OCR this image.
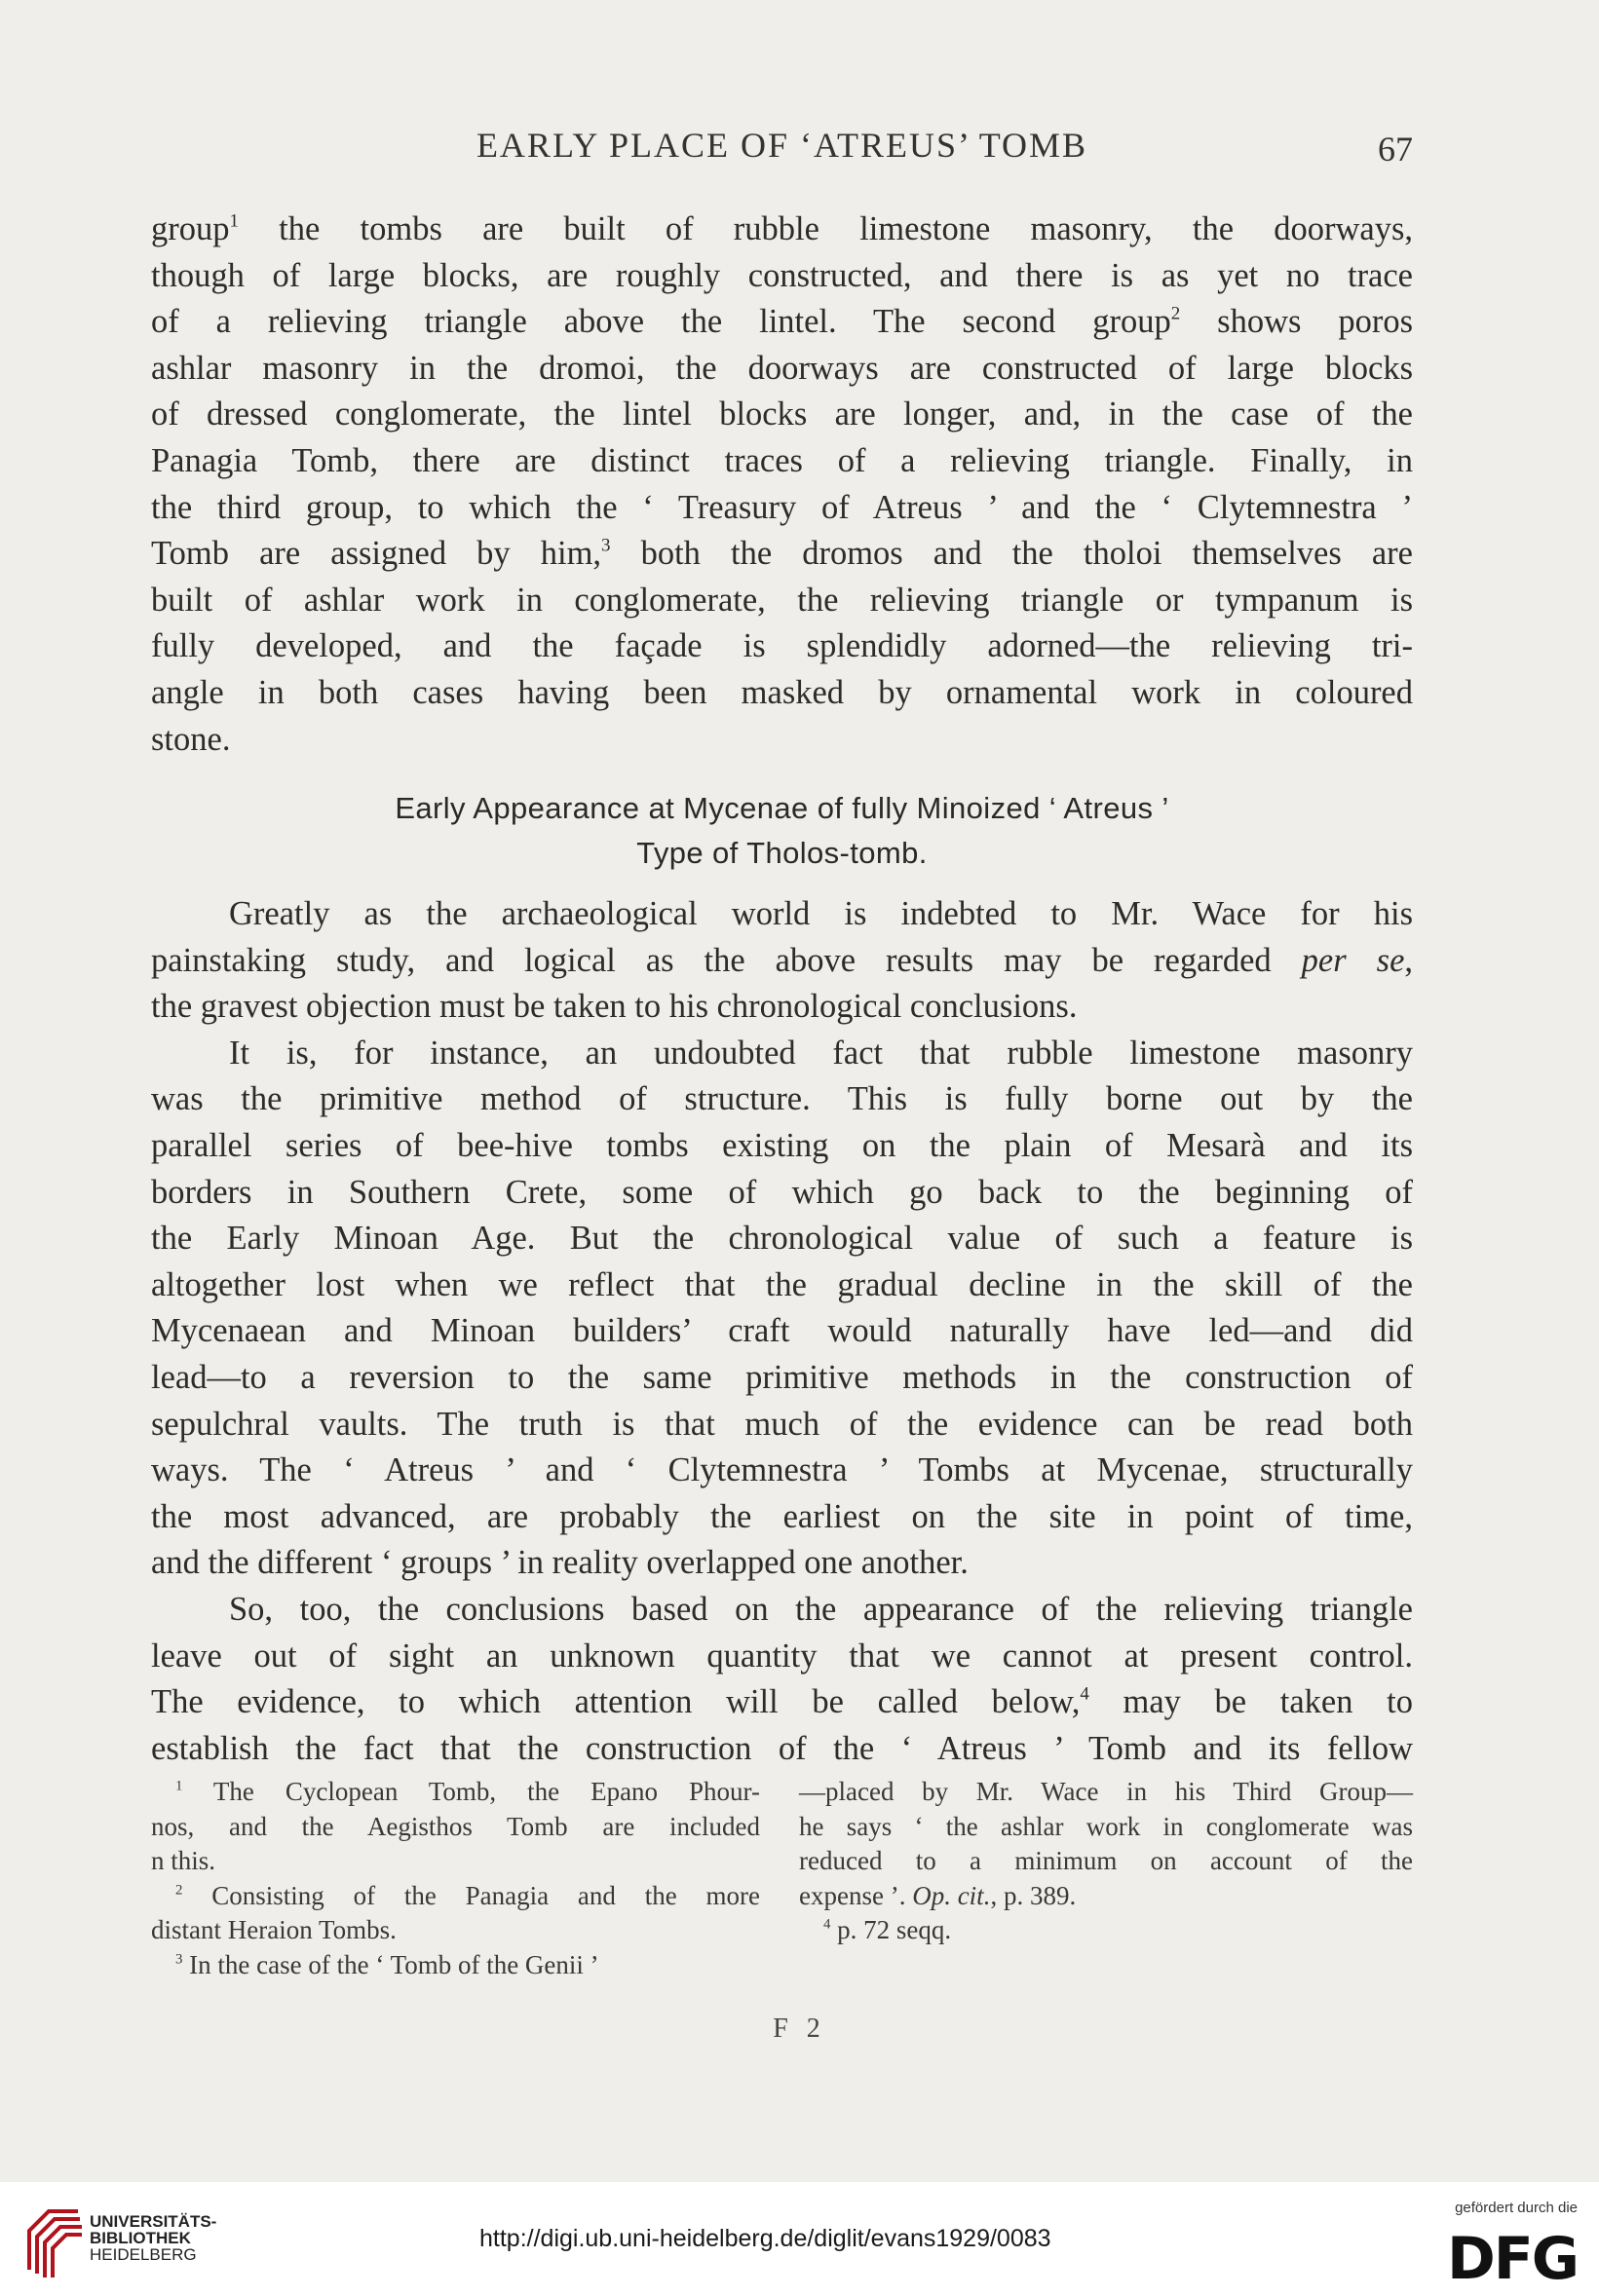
EARLY PLACE OF ‘ATREUS’ TOMB	67
group$^1$ the tombs are built of rubble limestone masonry, the doorways,
though of large blocks, are roughly constructed, and there is as yet no trace
of a relieving triangle above the lintel. The second group$^2$ shows poros
ashlar masonry in the dromoi, the doorways are constructed of large blocks
of dressed conglomerate, the lintel blocks are longer, and, in the case of the
Panagia Tomb, there are distinct traces of a relieving triangle. Finally, in
the third group, to which the ‘ Treasury of Atreus ’ and the ‘ Clytemnestra ’
Tomb are assigned by him,$^3$ both the dromos and the tholoi themselves are
built of ashlar work in conglomerate, the relieving triangle or tympanum is
fully developed, and the façade is splendidly adorned—the relieving tri-
angle in both cases having been masked by ornamental work in coloured
stone.
Early Appearance at Mycenae of fully Minoized ‘ Atreus ’
Type of Tholos-tomb.
Greatly as the archaeological world is indebted to Mr. Wace for his
painstaking study, and logical as the above results may be regarded per se,
the gravest objection must be taken to his chronological conclusions.
It is, for instance, an undoubted fact that rubble limestone masonry
was the primitive method of structure. This is fully borne out by the
parallel series of bee-hive tombs existing on the plain of Mesarà and its
borders in Southern Crete, some of which go back to the beginning of
the Early Minoan Age. But the chronological value of such a feature is
altogether lost when we reflect that the gradual decline in the skill of the
Mycenaean and Minoan builders’ craft would naturally have led—and did
lead—to a reversion to the same primitive methods in the construction of
sepulchral vaults. The truth is that much of the evidence can be read both
ways. The ‘ Atreus ’ and ‘ Clytemnestra ’ Tombs at Mycenae, structurally
the most advanced, are probably the earliest on the site in point of time,
and the different ‘ groups ’ in reality overlapped one another.
So, too, the conclusions based on the appearance of the relieving triangle
leave out of sight an unknown quantity that we cannot at present control.
The evidence, to which attention will be called below,$^4$ may be taken to
establish the fact that the construction of the ‘ Atreus ’ Tomb and its fellow
$^1$ The Cyclopean Tomb, the Epano Phour-
nos, and the Aegisthos Tomb are included
n this.
$^2$ Consisting of the Panagia and the more
distant Heraion Tombs.
$^3$ In the case of the ‘ Tomb of the Genii ’
—placed by Mr. Wace in his Third Group—
he says ‘ the ashlar work in conglomerate was
reduced to a minimum on account of the
expense ’. Op. cit., p. 389.
$^4$ p. 72 seqq.
F 2
UNIVERSITÄTS-
BIBLIOTHEK
HEIDELBERG
http://digi.ub.uni-heidelberg.de/diglit/evans1929/0083
gefördert durch die
DFG
